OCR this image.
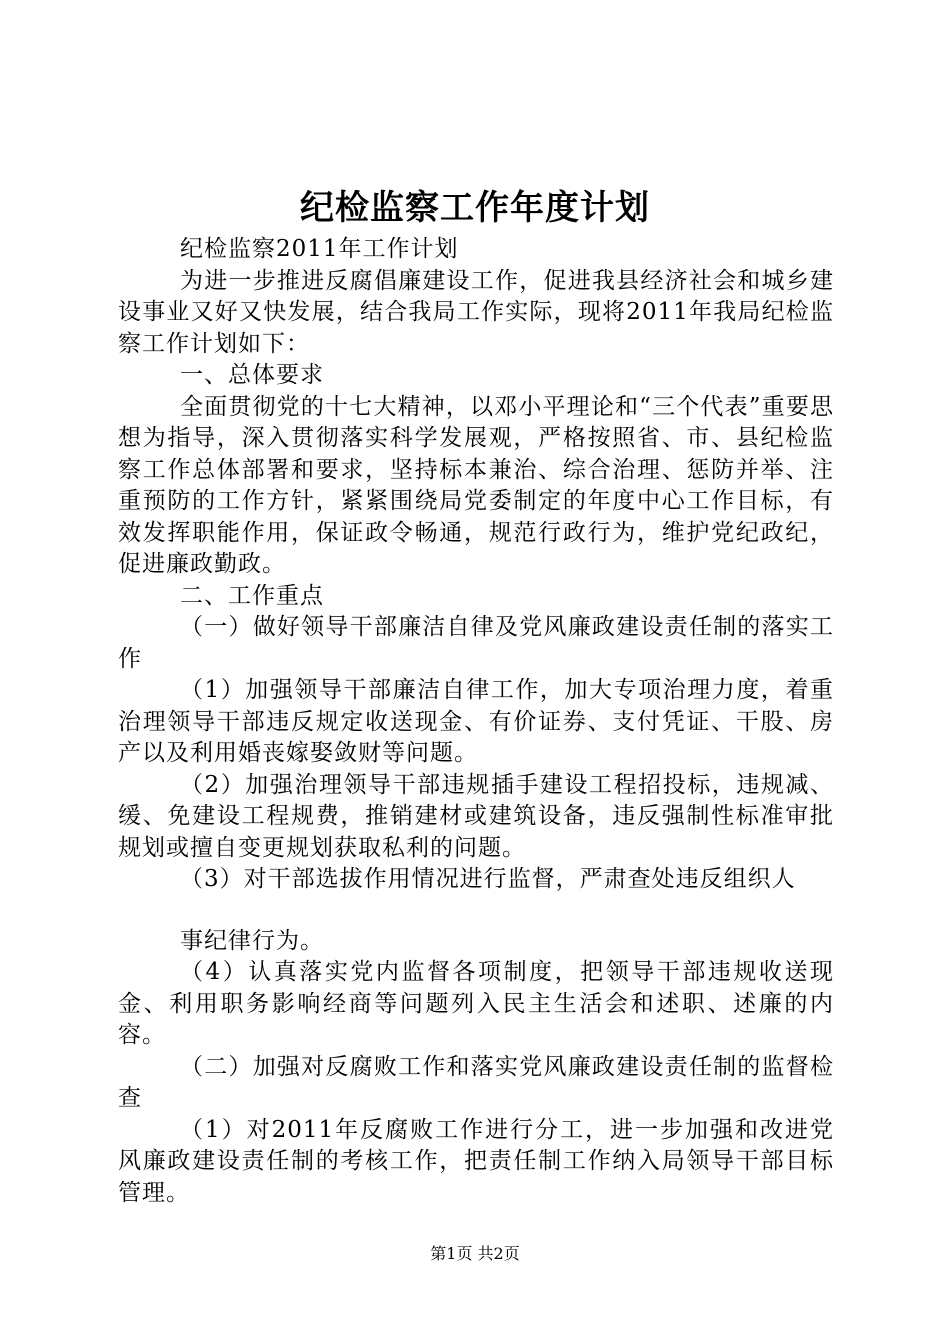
纪检监察工作年度计划

纪检监察2011年工作计划

为进一步推进反腐倡廉建设工作，促进我县经济社会和城乡建设事业又好又快发展，结合我局工作实际，现将2011年我局纪检监察工作计划如下：

一、总体要求

全面贯彻党的十七大精神，以邓小平理论和“三个代表”重要思想为指导，深入贯彻落实科学发展观，严格按照省、市、县纪检监察工作总体部署和要求，坚持标本兼治、综合治理、惩防并举、注重预防的工作方针，紧紧围绕局党委制定的年度中心工作目标，有效发挥职能作用，保证政令畅通，规范行政行为，维护党纪政纪，促进廉政勤政。

二、工作重点

（一）做好领导干部廉洁自律及党风廉政建设责任制的落实工作

（1）加强领导干部廉洁自律工作，加大专项治理力度，着重治理领导干部违反规定收送现金、有价证券、支付凭证、干股、房产以及利用婚丧嫁娶敛财等问题。

（2）加强治理领导干部违规插手建设工程招投标，违规减、缓、免建设工程规费，推销建材或建筑设备，违反强制性标准审批规划或擅自变更规划获取私利的问题。

（3）对干部选拔作用情况进行监督，严肃查处违反组织人

事纪律行为。

（4）认真落实党内监督各项制度，把领导干部违规收送现金、利用职务影响经商等问题列入民主生活会和述职、述廉的内容。

（二）加强对反腐败工作和落实党风廉政建设责任制的监督检查

（1）对2011年反腐败工作进行分工，进一步加强和改进党风廉政建设责任制的考核工作，把责任制工作纳入局领导干部目标管理。

第1页 共2页
